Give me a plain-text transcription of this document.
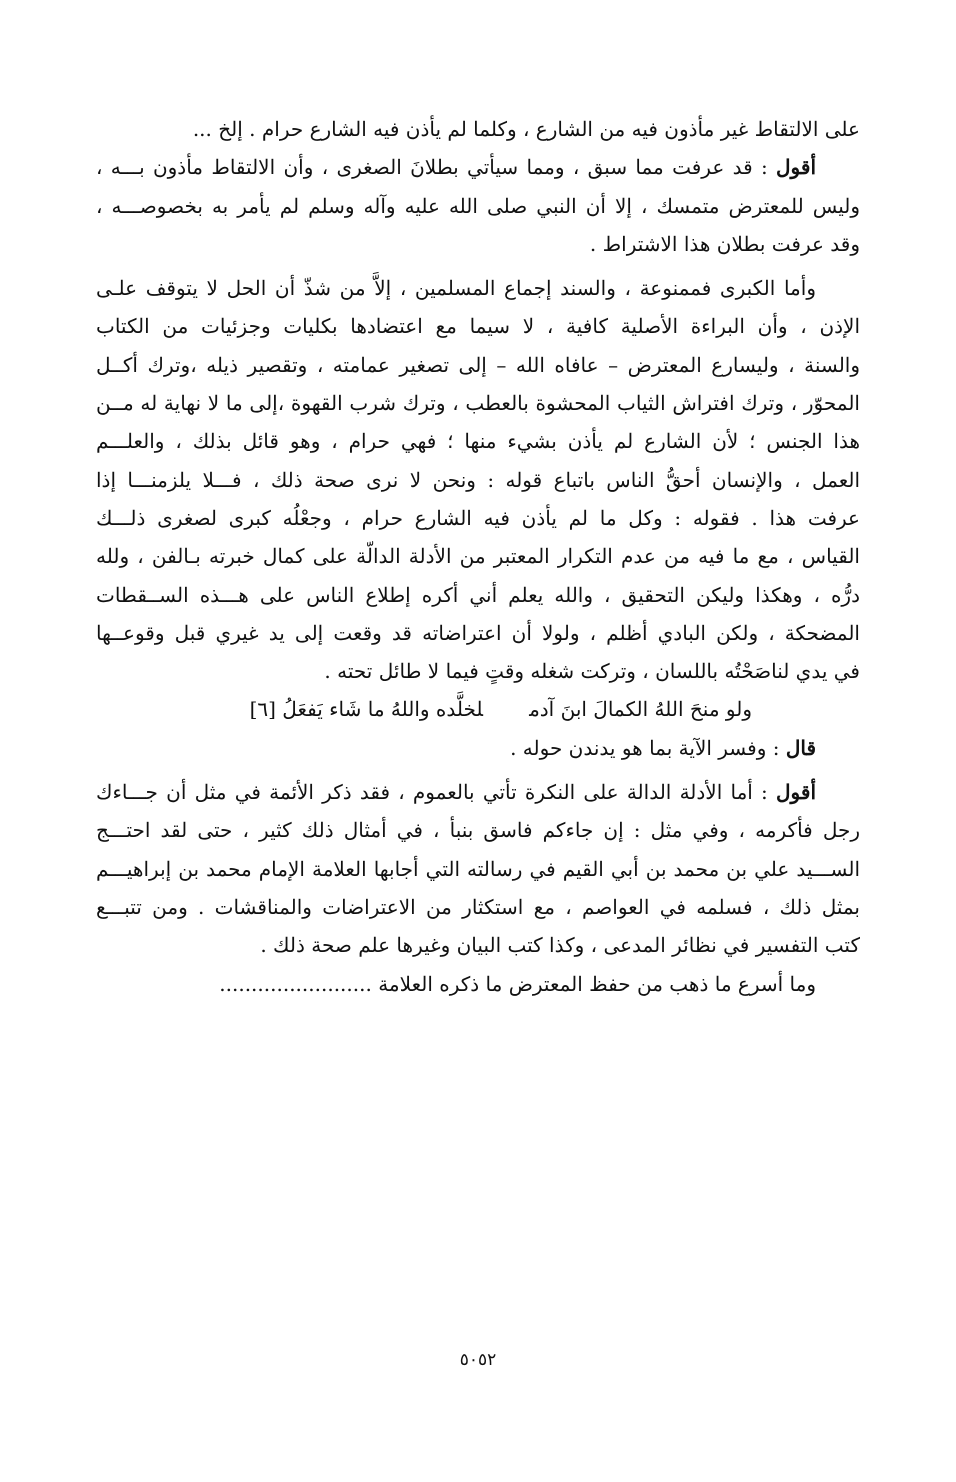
على الالتقاط غير مأذون فيه من الشارع ، وكلما لم يأذن فيه الشارع حرام . إلخ ...
أقول : قد عرفت مما سبق ، ومما سيأتي بطلانَ الصغرى ، وأن الالتقاط مأذون بـــه ،
وليس للمعترض متمسك ، إلا أن النبي صلى الله عليه وآله وسلم لم يأمر به بخصوصـــه ،
وقد عرفت بطلان هذا الاشتراط .
وأما الكبرى فممنوعة ، والسند إجماع المسلمين ، إلاَّ من شذّ أن الحل لا يتوقف علـى
الإذن ، وأن البراءة الأصلية كافية ، لا سيما مع اعتضادها بكليات وجزئيات من الكتاب
والسنة ، وليسارع المعترض – عافاه الله – إلى تصغير عمامته ، وتقصير ذيله ،وترك أكــل
المحوّر ، وترك افتراش الثياب المحشوة بالعطب ، وترك شرب القهوة ،إلى ما لا نهاية له مــن
هذا الجنس ؛ لأن الشارع لم يأذن بشيء منها ؛ فهي حرام ، وهو قائل بذلك ، والعلـــم
العمل ، والإنسان أحقُّ الناس باتباع قوله : ونحن لا نرى صحة ذلك ، فـــلا يلزمنـــا إذا
عرفت هذا . فقوله : وكل ما لم يأذن فيه الشارع حرام ، وجعْلُه كبرى لصغرى ذلـــك
القياس ، مع ما فيه من عدم التكرار المعتبر من الأدلة الدالّة على كمال خبرته بـالفن ، ولله
درُّه ، وهكذا وليكن التحقيق ، والله يعلم أني أكره إطلاع الناس على هـــذه الســقطات
المضحكة ، ولكن البادي أظلم ، ولولا أن اعتراضاته قد وقعت إلى يد غيري قبل وقوعــها
في يدي لناصَحْتُه باللسان ، وتركت شغله وقتٍ فيما لا طائل تحته .
ولو منحَ اللهُ الكمالَ ابنَ آدملخلَّده واللهُ ما شَاء يَفعَلُ [٦]
قال : وفسر الآية بما هو يدندن حوله .
أقول : أما الأدلة الدالة على النكرة تأتي بالعموم ، فقد ذكر الأئمة في مثل أن جـــاءك
رجل فأكرمه ، وفي مثل : إن جاءكم فاسق بنبأ ، في أمثال ذلك كثير ، حتى لقد احتـــج
الســـيد علي بن محمد بن أبي القيم في رسالته التي أجابها العلامة الإمام محمد بن إبراهيـــم
بمثل ذلك ، فسلمه في العواصم ، مع استكثار من الاعتراضات والمناقشات . ومن تتبـــع
كتب التفسير في نظائر المدعى ، وكذا كتب البيان وغيرها علم صحة ذلك .
وما أسرع ما ذهب من حفظ المعترض ما ذكره العلامة ........................
٥٠٥٢
